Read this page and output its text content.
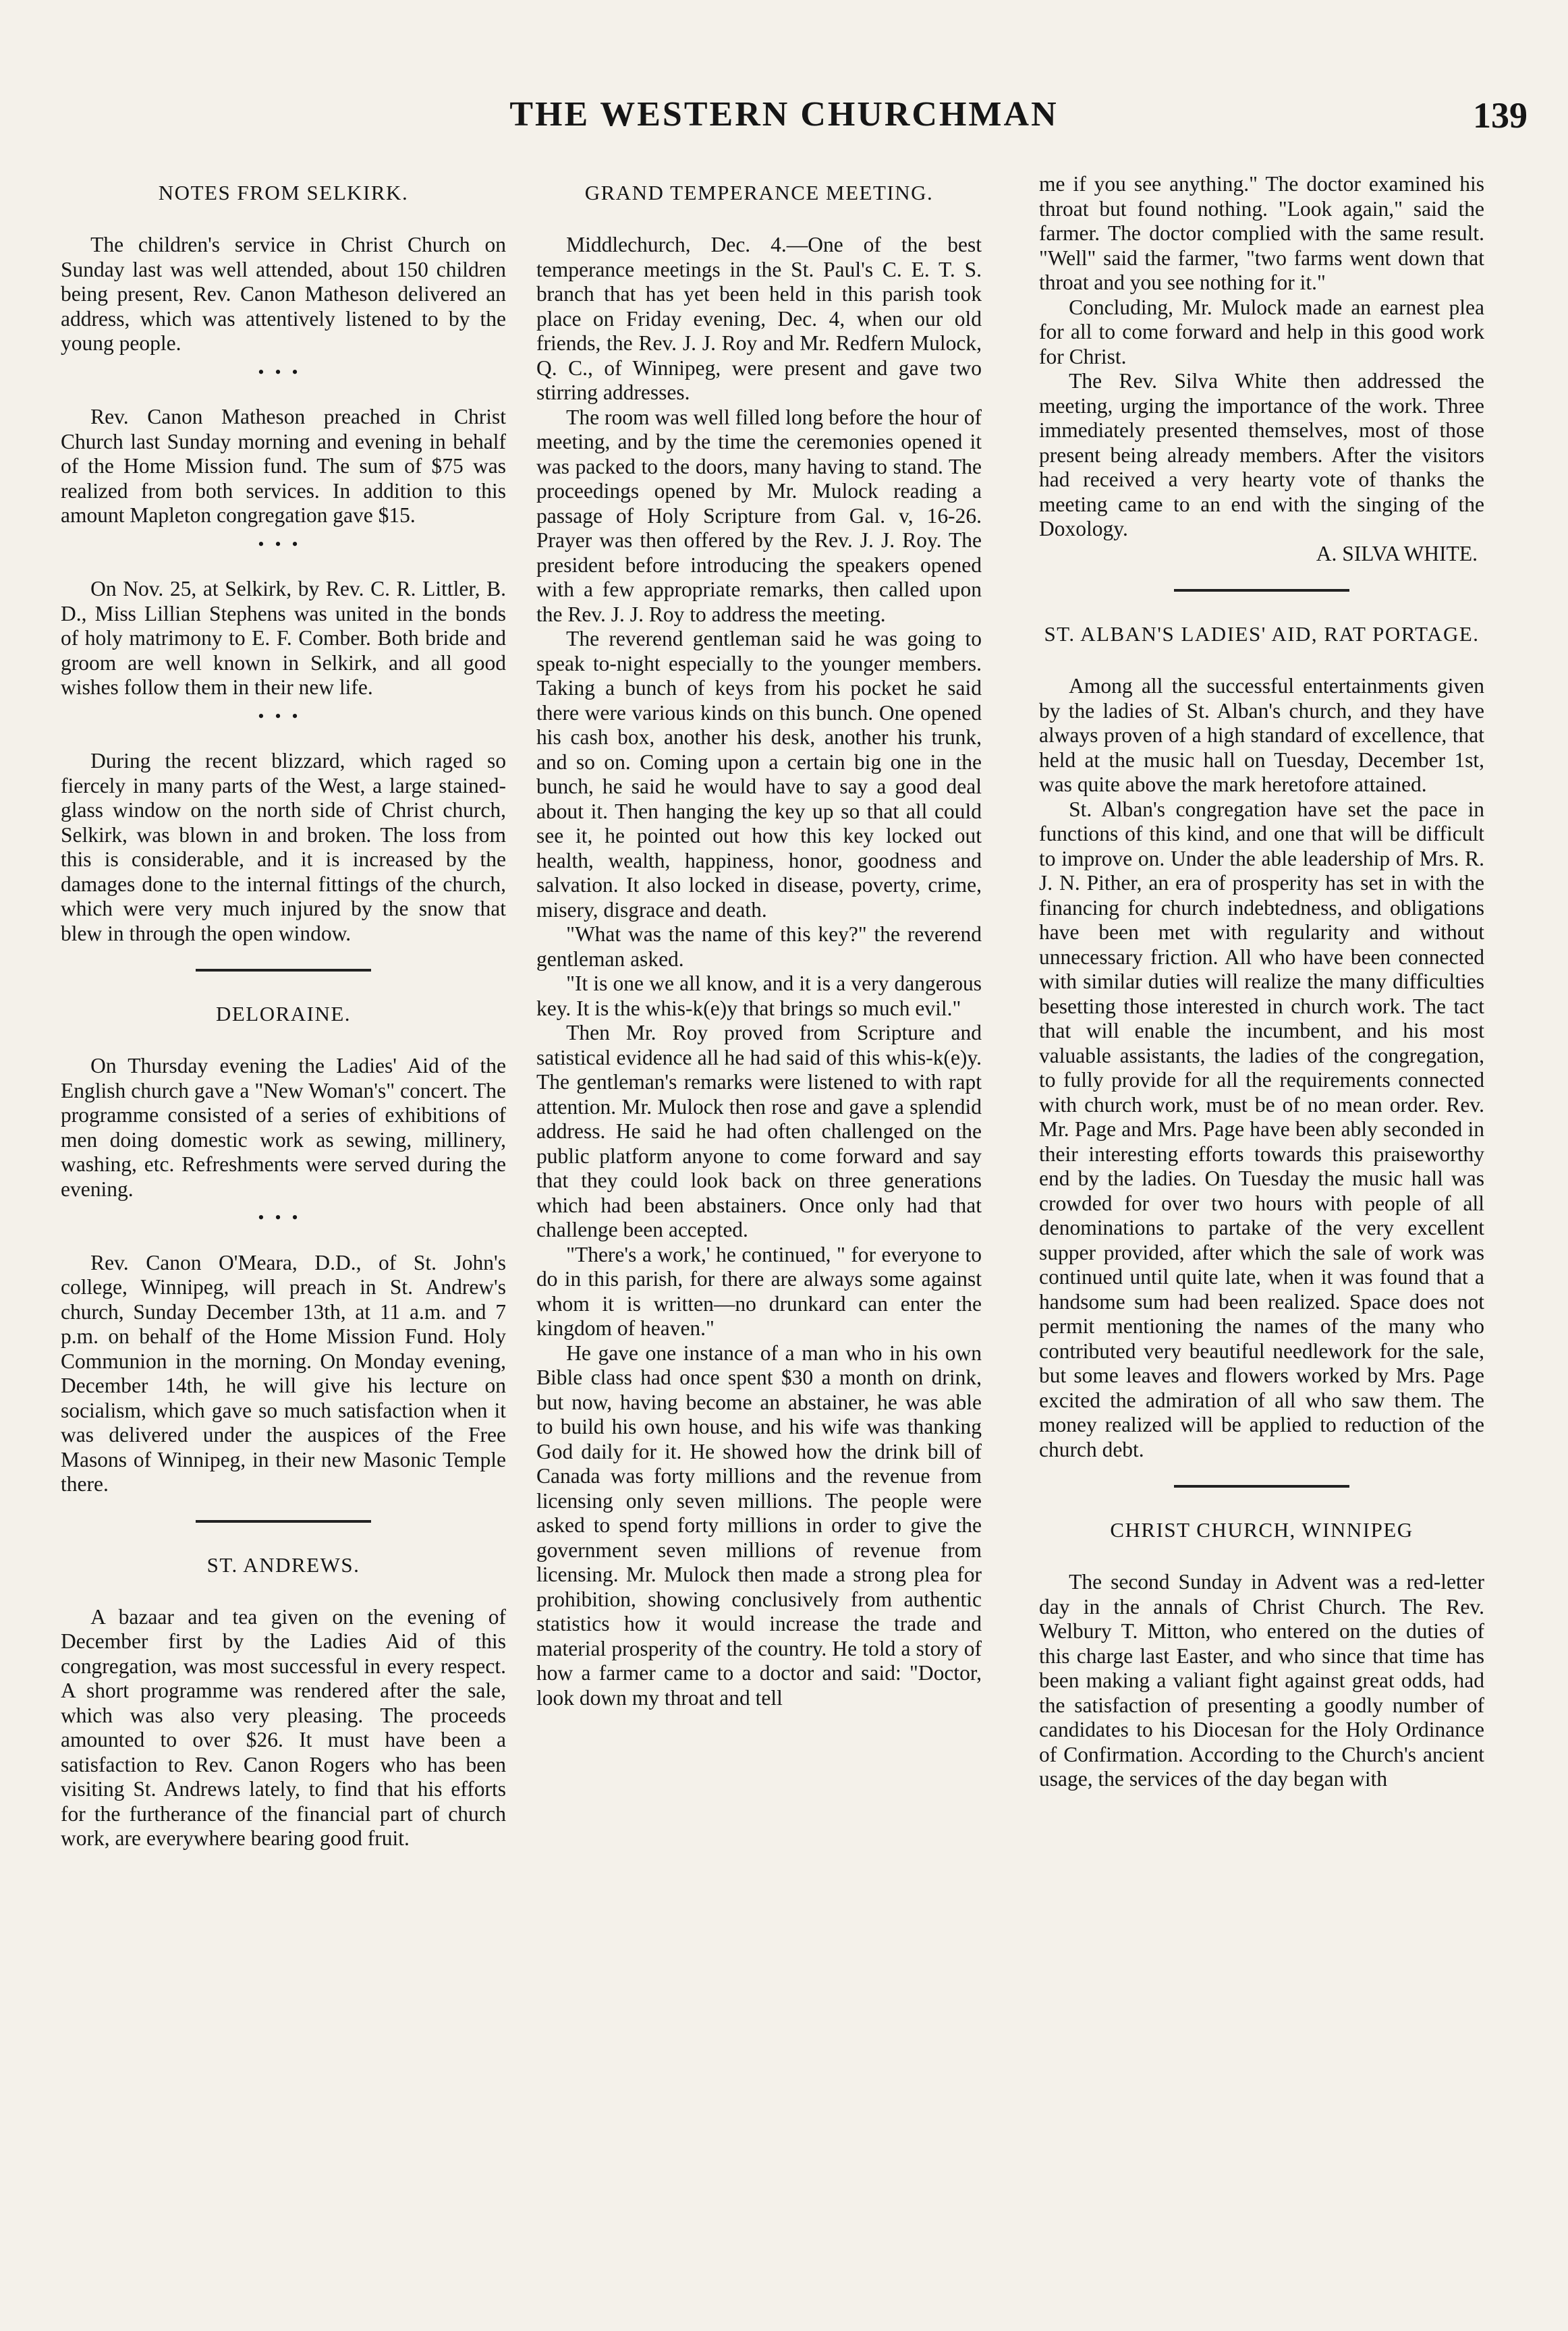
THE WESTERN CHURCHMAN	139
NOTES FROM SELKIRK.

The children's service in Christ Church on Sunday last was well attended, about 150 children being present, Rev. Canon Matheson delivered an address, which was attentively listened to by the young people.

•••

Rev. Canon Matheson preached in Christ Church last Sunday morning and evening in behalf of the Home Mission fund. The sum of $75 was realized from both services. In addition to this amount Mapleton congregation gave $15.

•••

On Nov. 25, at Selkirk, by Rev. C. R. Littler, B. D., Miss Lillian Stephens was united in the bonds of holy matrimony to E. F. Comber. Both bride and groom are well known in Selkirk, and all good wishes follow them in their new life.

•••

During the recent blizzard, which raged so fiercely in many parts of the West, a large stained-glass window on the north side of Christ church, Selkirk, was blown in and broken. The loss from this is considerable, and it is increased by the damages done to the internal fittings of the church, which were very much injured by the snow that blew in through the open window.

DELORAINE.

On Thursday evening the Ladies' Aid of the English church gave a "New Woman's" concert. The programme consisted of a series of exhibitions of men doing domestic work as sewing, millinery, washing, etc. Refreshments were served during the evening.

•••

Rev. Canon O'Meara, D.D., of St. John's college, Winnipeg, will preach in St. Andrew's church, Sunday December 13th, at 11 a.m. and 7 p.m. on behalf of the Home Mission Fund. Holy Communion in the morning. On Monday evening, December 14th, he will give his lecture on socialism, which gave so much satisfaction when it was delivered under the auspices of the Free Masons of Winnipeg, in their new Masonic Temple there.

ST. ANDREWS.

A bazaar and tea given on the evening of December first by the Ladies Aid of this congregation, was most successful in every respect. A short programme was rendered after the sale, which was also very pleasing. The proceeds amounted to over $26. It must have been a satisfaction to Rev. Canon Rogers who has been visiting St. Andrews lately, to find that his efforts for the furtherance of the financial part of church work, are everywhere bearing good fruit.

GRAND TEMPERANCE MEETING.

Middlechurch, Dec. 4.—One of the best temperance meetings in the St. Paul's C. E. T. S. branch that has yet been held in this parish took place on Friday evening, Dec. 4, when our old friends, the Rev. J. J. Roy and Mr. Redfern Mulock, Q. C., of Winnipeg, were present and gave two stirring addresses.

The room was well filled long before the hour of meeting, and by the time the ceremonies opened it was packed to the doors, many having to stand. The proceedings opened by Mr. Mulock reading a passage of Holy Scripture from Gal. v, 16-26. Prayer was then offered by the Rev. J. J. Roy. The president before introducing the speakers opened with a few appropriate remarks, then called upon the Rev. J. J. Roy to address the meeting.

The reverend gentleman said he was going to speak to-night especially to the younger members. Taking a bunch of keys from his pocket he said there were various kinds on this bunch. One opened his cash box, another his desk, another his trunk, and so on. Coming upon a certain big one in the bunch, he said he would have to say a good deal about it. Then hanging the key up so that all could see it, he pointed out how this key locked out health, wealth, happiness, honor, goodness and salvation. It also locked in disease, poverty, crime, misery, disgrace and death.

"What was the name of this key?" the reverend gentleman asked.

"It is one we all know, and it is a very dangerous key. It is the whis-k(e)y that brings so much evil."

Then Mr. Roy proved from Scripture and satistical evidence all he had said of this whis-k(e)y. The gentleman's remarks were listened to with rapt attention. Mr. Mulock then rose and gave a splendid address. He said he had often challenged on the public platform anyone to come forward and say that they could look back on three generations which had been abstainers. Once only had that challenge been accepted.

"There's a work,' he continued, " for everyone to do in this parish, for there are always some against whom it is written—no drunkard can enter the kingdom of heaven."

He gave one instance of a man who in his own Bible class had once spent $30 a month on drink, but now, having become an abstainer, he was able to build his own house, and his wife was thanking God daily for it. He showed how the drink bill of Canada was forty millions and the revenue from licensing only seven millions. The people were asked to spend forty millions in order to give the government seven millions of revenue from licensing. Mr. Mulock then made a strong plea for prohibition, showing conclusively from authentic statistics how it would increase the trade and material prosperity of the country. He told a story of how a farmer came to a doctor and said: "Doctor, look down my throat and tell

me if you see anything." The doctor examined his throat but found nothing. "Look again," said the farmer. The doctor complied with the same result. "Well" said the farmer, "two farms went down that throat and you see nothing for it."

Concluding, Mr. Mulock made an earnest plea for all to come forward and help in this good work for Christ.

The Rev. Silva White then addressed the meeting, urging the importance of the work. Three immediately presented themselves, most of those present being already members. After the visitors had received a very hearty vote of thanks the meeting came to an end with the singing of the Doxology.

A. SILVA WHITE.
ST. ALBAN'S LADIES' AID, RAT PORTAGE.

Among all the successful entertainments given by the ladies of St. Alban's church, and they have always proven of a high standard of excellence, that held at the music hall on Tuesday, December 1st, was quite above the mark heretofore attained.

St. Alban's congregation have set the pace in functions of this kind, and one that will be difficult to improve on. Under the able leadership of Mrs. R. J. N. Pither, an era of prosperity has set in with the financing for church indebtedness, and obligations have been met with regularity and without unnecessary friction. All who have been connected with similar duties will realize the many difficulties besetting those interested in church work. The tact that will enable the incumbent, and his most valuable assistants, the ladies of the congregation, to fully provide for all the requirements connected with church work, must be of no mean order. Rev. Mr. Page and Mrs. Page have been ably seconded in their interesting efforts towards this praiseworthy end by the ladies. On Tuesday the music hall was crowded for over two hours with people of all denominations to partake of the very excellent supper provided, after which the sale of work was continued until quite late, when it was found that a handsome sum had been realized. Space does not permit mentioning the names of the many who contributed very beautiful needlework for the sale, but some leaves and flowers worked by Mrs. Page excited the admiration of all who saw them. The money realized will be applied to reduction of the church debt.

CHRIST CHURCH, WINNIPEG

The second Sunday in Advent was a red-letter day in the annals of Christ Church. The Rev. Welbury T. Mitton, who entered on the duties of this charge last Easter, and who since that time has been making a valiant fight against great odds, had the satisfaction of presenting a goodly number of candidates to his Diocesan for the Holy Ordinance of Confirmation. According to the Church's ancient usage, the services of the day began with
